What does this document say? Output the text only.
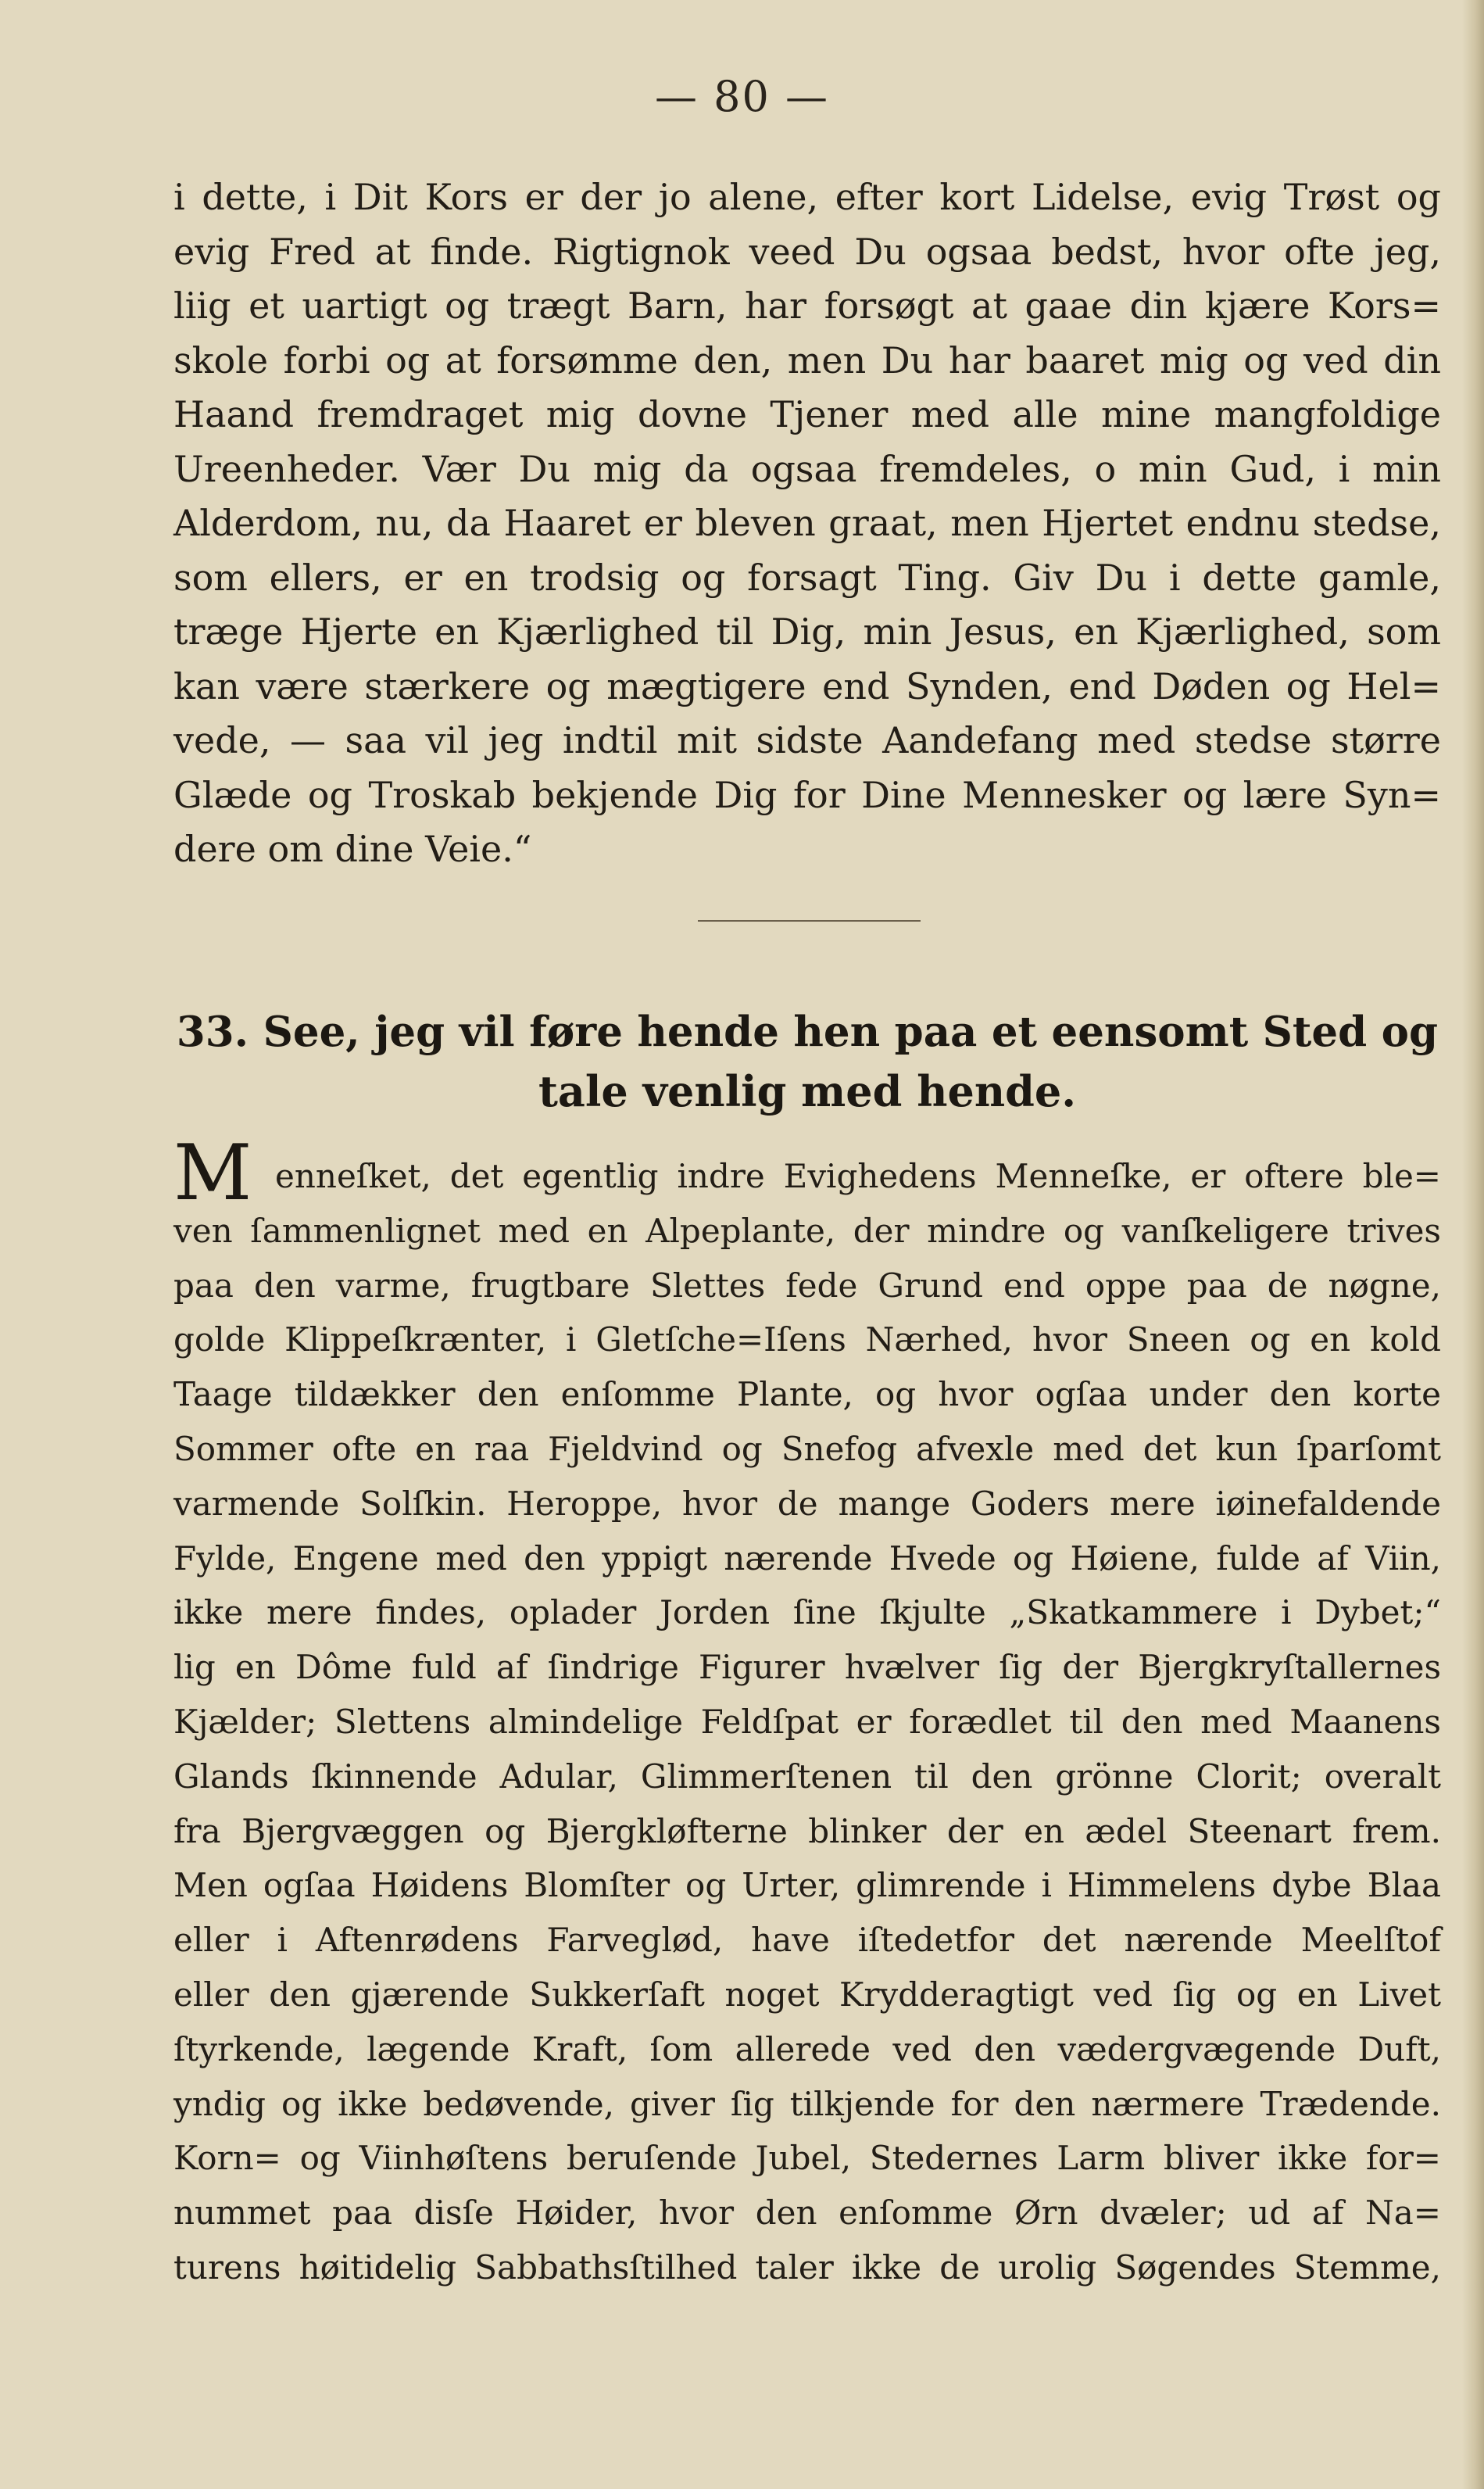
— 80 —
i dette, i Dit Kors er der jo alene, efter kort Lidelse, evig Trøst og
evig Fred at finde. Rigtignok veed Du ogsaa bedst, hvor ofte jeg,
liig et uartigt og trægt Barn, har forsøgt at gaae din kjære Kors=
skole forbi og at forsømme den, men Du har baaret mig og ved din
Haand fremdraget mig dovne Tjener med alle mine mangfoldige
Ureenheder. Vær Du mig da ogsaa fremdeles, o min Gud, i min
Alderdom, nu, da Haaret er bleven graat, men Hjertet endnu stedse,
som ellers, er en trodsig og forsagt Ting. Giv Du i dette gamle,
træge Hjerte en Kjærlighed til Dig, min Jesus, en Kjærlighed, som
kan være stærkere og mægtigere end Synden, end Døden og Hel=
vede, — saa vil jeg indtil mit sidste Aandefang med stedse større
Glæde og Troskab bekjende Dig for Dine Mennesker og lære Syn=
dere om dine Veie.“
33. See, jeg vil føre hende hen paa et eensomt Sted og
tale venlig med hende.
M enneſket, det egentlig indre Evighedens Menneſke, er oftere ble=
ven ſammenlignet med en Alpeplante, der mindre og vanſkeligere trives
paa den varme, frugtbare Slettes fede Grund end oppe paa de nøgne,
golde Klippeſkrænter, i Gletſche=Iſens Nærhed, hvor Sneen og en kold
Taage tildækker den enſomme Plante, og hvor ogſaa under den korte
Sommer ofte en raa Fjeldvind og Snefog afvexle med det kun ſparſomt
varmende Solſkin. Heroppe, hvor de mange Goders mere iøinefaldende
Fylde, Engene med den yppigt nærende Hvede og Høiene, fulde af Viin,
ikke mere findes, oplader Jorden ſine ſkjulte „Skatkammere i Dybet;“
lig en Dôme fuld af ſindrige Figurer hvælver ſig der Bjergkryſtallernes
Kjælder; Slettens almindelige Feldſpat er forædlet til den med Maanens
Glands ſkinnende Adular, Glimmerſtenen til den grönne Clorit; overalt
fra Bjergvæggen og Bjergkløfterne blinker der en ædel Steenart frem.
Men ogſaa Høidens Blomſter og Urter, glimrende i Himmelens dybe Blaa
eller i Aftenrødens Farveglød, have iſtedetfor det nærende Meelſtof
eller den gjærende Sukkerſaft noget Krydderagtigt ved ſig og en Livet
ſtyrkende, lægende Kraft, ſom allerede ved den vædergvægende Duft,
yndig og ikke bedøvende, giver ſig tilkjende for den nærmere Trædende.
Korn= og Viinhøſtens beruſende Jubel, Stedernes Larm bliver ikke for=
nummet paa disſe Høider, hvor den enſomme Ørn dvæler; ud af Na=
turens høitidelig Sabbathsſtilhed taler ikke de urolig Søgendes Stemme,
